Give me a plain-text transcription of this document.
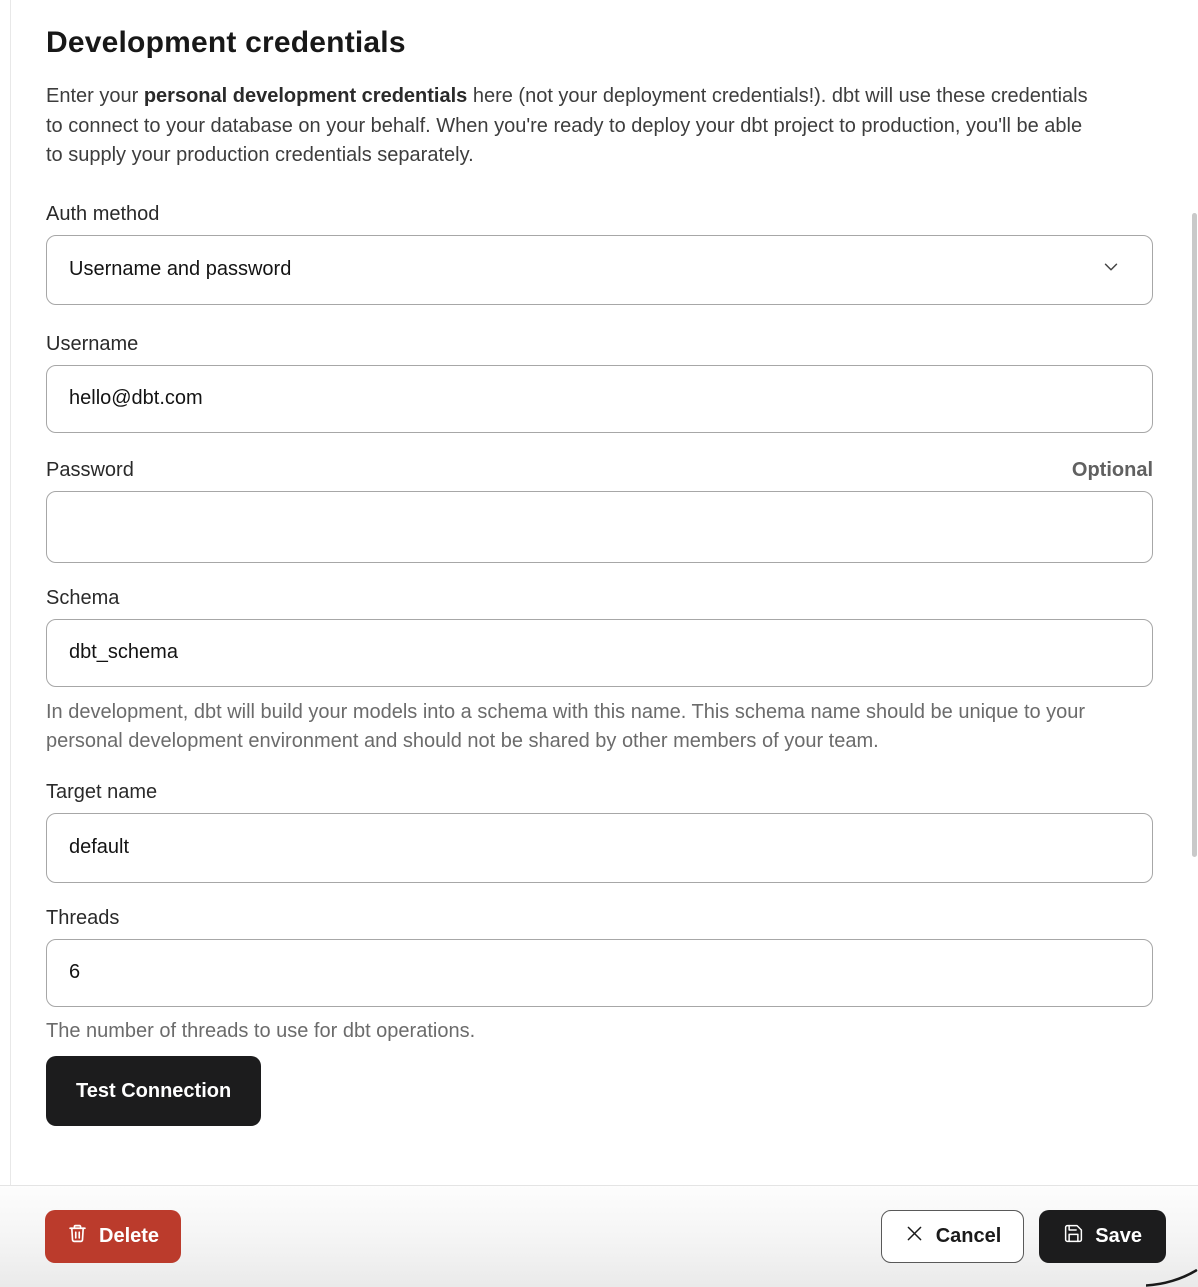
Development credentials

Enter your personal development credentials here (not your deployment credentials!). dbt will use these credentials to connect to your database on your behalf. When you're ready to deploy your dbt project to production, you'll be able to supply your production credentials separately.

Auth method
Username and password
Username
hello@dbt.com
Password	Optional
Schema
dbt_schema
In development, dbt will build your models into a schema with this name. This schema name should be unique to your personal development environment and should not be shared by other members of your team.
Target name
default
Threads
6
The number of threads to use for dbt operations.
Test Connection
Delete	Cancel	Save
